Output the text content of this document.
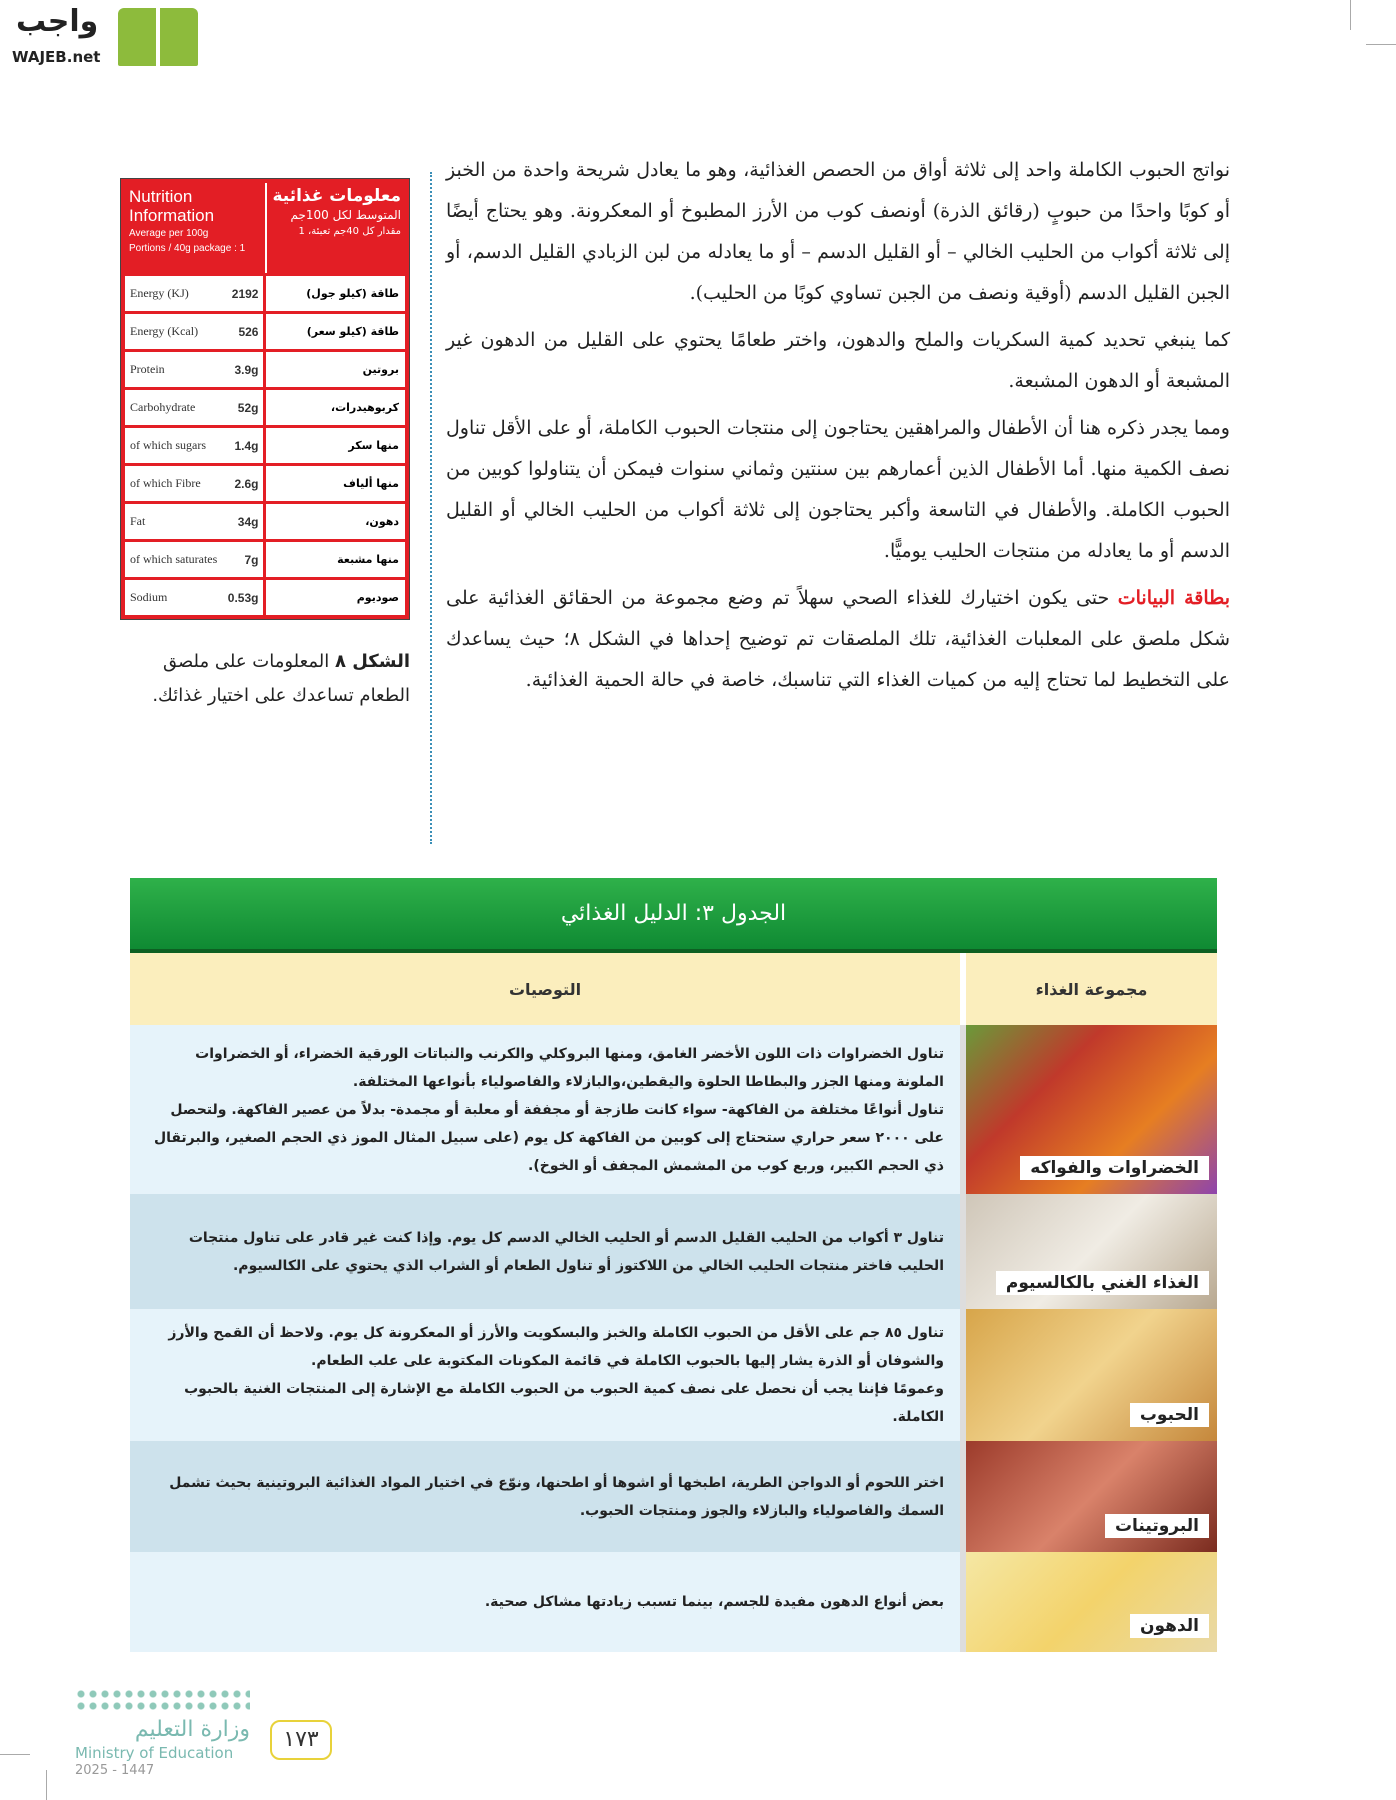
واجب
WAJEB.net
Nutrition Information
Average per 100g
Portions / 40g package : 1
معلومات غذائية
المتوسط لكل 100جم
مقدار كل 40جم تعبئة، 1
Energy (KJ)	2192	طاقة (كيلو جول)
Energy (Kcal)	526	طاقة (كيلو سعر)
Protein	3.9g	بروتين
Carbohydrate	52g	كربوهيدرات،
of which sugars 1.4g	منها سكر
of which Fibre	2.6g	منها ألياف
Fat	34g	دهون،
of which saturates 7g	منها مشبعة
Sodium	0.53g	صوديوم
الشكل ٨ المعلومات على ملصق الطعام تساعدك على اختيار غذائك.

نواتج الحبوب الكاملة واحد إلى ثلاثة أواق من الحصص الغذائية، وهو ما يعادل شريحة واحدة من الخبز أو كوبًا واحدًا من حبوبٍ (رقائق الذرة) أونصف كوب من الأرز المطبوخ أو المعكرونة. وهو يحتاج أيضًا إلى ثلاثة أكواب من الحليب الخالي – أو القليل الدسم – أو ما يعادله من لبن الزبادي القليل الدسم، أو الجبن القليل الدسم (أوقية ونصف من الجبن تساوي كوبًا من الحليب).

كما ينبغي تحديد كمية السكريات والملح والدهون، واختر طعامًا يحتوي على القليل من الدهون غير المشبعة أو الدهون المشبعة.

ومما يجدر ذكره هنا أن الأطفال والمراهقين يحتاجون إلى منتجات الحبوب الكاملة، أو على الأقل تناول نصف الكمية منها. أما الأطفال الذين أعمارهم بين سنتين وثماني سنوات فيمكن أن يتناولوا كوبين من الحبوب الكاملة. والأطفال في التاسعة وأكبر يحتاجون إلى ثلاثة أكواب من الحليب الخالي أو القليل الدسم أو ما يعادله من منتجات الحليب يوميًّا.

بطاقة البيانات حتى يكون اختيارك للغذاء الصحي سهلاً تم وضع مجموعة من الحقائق الغذائية على شكل ملصق على المعلبات الغذائية، تلك الملصقات تم توضيح إحداها في الشكل ٨؛ حيث يساعدك على التخطيط لما تحتاج إليه من كميات الغذاء التي تناسبك، خاصة في حالة الحمية الغذائية.

الجدول ٣: الدليل الغذائي
مجموعة الغذاء
التوصيات
الخضراوات والفواكه
تناول الخضراوات ذات اللون الأخضر الغامق، ومنها البروكلي والكرنب والنباتات الورقية الخضراء، أو الخضراوات الملونة ومنها الجزر والبطاطا الحلوة واليقطين،والبازلاء والفاصولياء بأنواعها المختلفة.
تناول أنواعًا مختلفة من الفاكهة- سواء كانت طازجة أو مجففة أو معلبة أو مجمدة- بدلاً من عصير الفاكهة. ولتحصل على ٢٠٠٠ سعر حراري ستحتاج إلى كوبين من الفاكهة كل يوم (على سبيل المثال الموز ذي الحجم الصغير، والبرتقال ذي الحجم الكبير، وربع كوب من المشمش المجفف أو الخوخ).
الغذاء الغني بالكالسيوم
تناول ٣ أكواب من الحليب القليل الدسم أو الحليب الخالي الدسم كل يوم. وإذا كنت غير قادر على تناول منتجات الحليب فاختر منتجات الحليب الخالي من اللاكتوز أو تناول الطعام أو الشراب الذي يحتوي على الكالسيوم.
الحبوب
تناول ٨٥ جم على الأقل من الحبوب الكاملة والخبز والبسكويت والأرز أو المعكرونة كل يوم. ولاحظ أن القمح والأرز والشوفان أو الذرة يشار إليها بالحبوب الكاملة في قائمة المكونات المكتوبة على علب الطعام.
وعمومًا فإننا يجب أن نحصل على نصف كمية الحبوب من الحبوب الكاملة مع الإشارة إلى المنتجات الغنية بالحبوب الكاملة.
البروتينات
اختر اللحوم أو الدواجن الطرية، اطبخها أو اشوها أو اطحنها، ونوّع في اختيار المواد الغذائية البروتينية بحيث تشمل السمك والفاصولياء والبازلاء والجوز ومنتجات الحبوب.
الدهون
بعض أنواع الدهون مفيدة للجسم، بينما تسبب زيادتها مشاكل صحية.
وزارة التعليم
Ministry of Education
2025 - 1447
١٧٣
